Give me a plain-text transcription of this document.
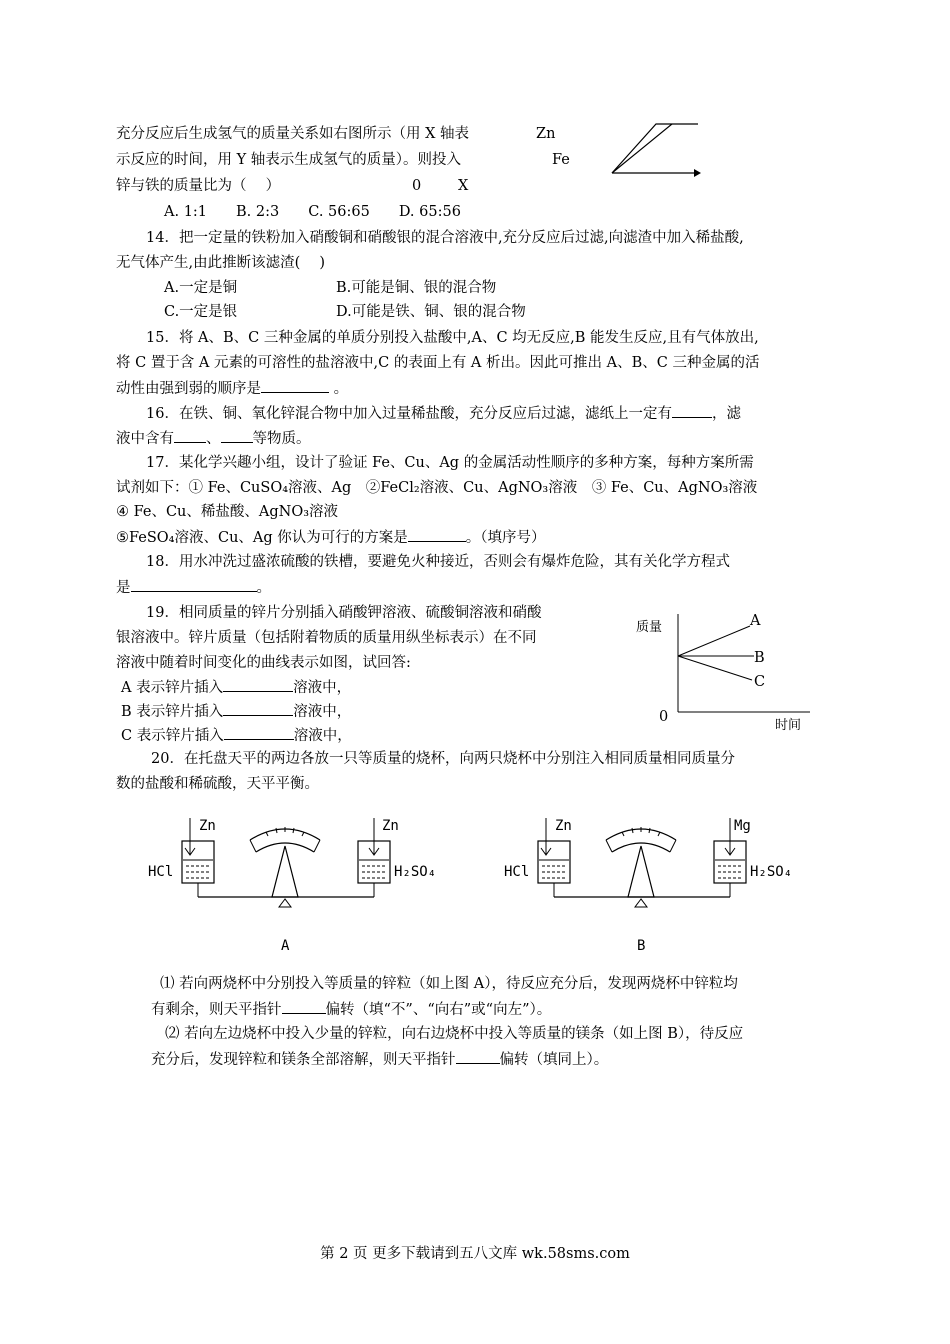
充分反应后生成氢气的质量关系如右图所示（用 X 轴表
示反应的时间，用 Y 轴表示生成氢气的质量）。则投入
锌与铁的质量比为（　 ）
Zn
Fe
0	X
A. 1:1　　B. 2:3　　C. 56:65　　D. 65:56
14．把一定量的铁粉加入硝酸铜和硝酸银的混合溶液中,充分反应后过滤,向滤渣中加入稀盐酸,
无气体产生,由此推断该滤渣(　 )
A.一定是铜	B.可能是铜、银的混合物
C.一定是银	D.可能是铁、铜、银的混合物
15．将 A、B、C 三种金属的单质分别投入盐酸中,A、C 均无反应,B 能发生反应,且有气体放出,
将 C 置于含 A 元素的可溶性的盐溶液中,C 的表面上有 A 析出。因此可推出 A、B、C 三种金属的活
动性由强到弱的顺序是	。
16．在铁、铜、氧化锌混合物中加入过量稀盐酸，充分反应后过滤，滤纸上一定有	，滤
液中含有 、 等物质。
17．某化学兴趣小组，设计了验证 Fe、Cu、Ag 的金属活动性顺序的多种方案，每种方案所需
试剂如下：① Fe、CuSO₄溶液、Ag　②FeCl₂溶液、Cu、AgNO₃溶液　③ Fe、Cu、AgNO₃溶液
④ Fe、Cu、稀盐酸、AgNO₃溶液
⑤FeSO₄溶液、Cu、Ag 你认为可行的方案是	。（填序号）
18．用水冲洗过盛浓硫酸的铁槽，要避免火种接近，否则会有爆炸危险，其有关化学方程式
是	。
19．相同质量的锌片分别插入硝酸钾溶液、硫酸铜溶液和硝酸
银溶液中。锌片质量（包括附着物质的质量用纵坐标表示）在不同
溶液中随着时间变化的曲线表示如图，试回答:
A 表示锌片插入	溶液中，
B 表示锌片插入	溶液中，
C 表示锌片插入	溶液中，
质量
时间
0
A
B
C
20．在托盘天平的两边各放一只等质量的烧杯，向两只烧杯中分别注入相同质量相同质量分
数的盐酸和稀硫酸，天平平衡。
Zn
HCl
Zn
H₂SO₄
A
Zn
HCl
Mg
H₂SO₄
B
⑴ 若向两烧杯中分别投入等质量的锌粒（如上图 A），待反应充分后，发现两烧杯中锌粒均
有剩余，则天平指针	偏转（填“不”、“向右”或“向左”）。
⑵ 若向左边烧杯中投入少量的锌粒，向右边烧杯中投入等质量的镁条（如上图 B），待反应
充分后，发现锌粒和镁条全部溶解，则天平指针	偏转（填同上）。
第 2 页 更多下载请到五八文库 wk.58sms.com
